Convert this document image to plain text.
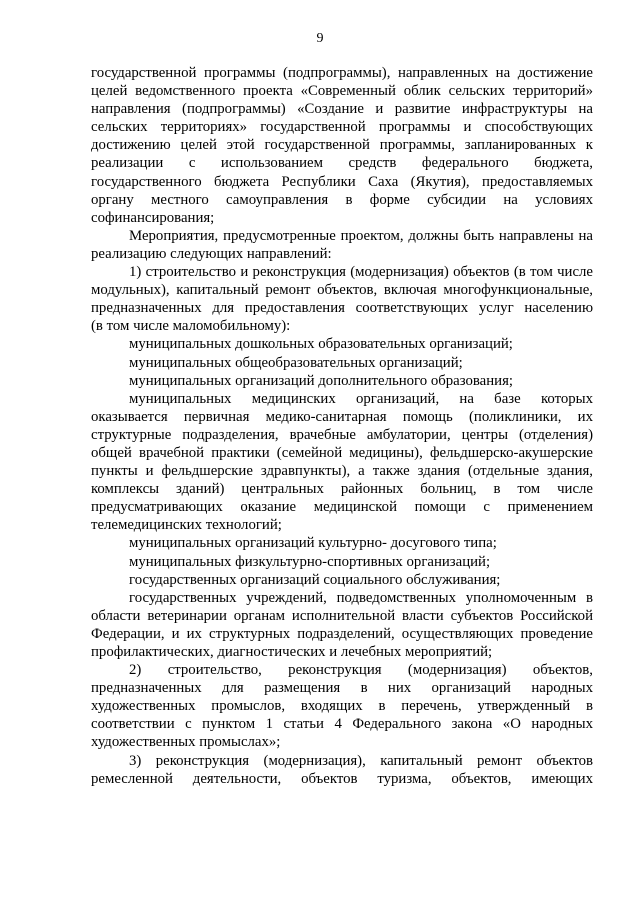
9

государственной программы (подпрограммы), направленных на достижение
целей ведомственного проекта «Современный облик сельских территорий»
направления (подпрограммы) «Создание и развитие инфраструктуры на
сельских территориях» государственной программы и способствующих
достижению целей этой государственной программы, запланированных к
реализации с использованием средств федерального бюджета,
государственного бюджета Республики Саха (Якутия), предоставляемых
органу местного самоуправления в форме субсидии на условиях
софинансирования;

Мероприятия, предусмотренные проектом, должны быть направлены на
реализацию следующих направлений:

1) строительство и реконструкция (модернизация) объектов (в том числе
модульных), капитальный ремонт объектов, включая многофункциональные,
предназначенных для предоставления соответствующих услуг населению
(в том числе маломобильному):

муниципальных дошкольных образовательных организаций;

муниципальных общеобразовательных организаций;

муниципальных организаций дополнительного образования;

муниципальных медицинских организаций, на базе которых
оказывается первичная медико-санитарная помощь (поликлиники, их
структурные подразделения, врачебные амбулатории, центры (отделения)
общей врачебной практики (семейной медицины), фельдшерско-акушерские
пункты и фельдшерские здравпункты), а также здания (отдельные здания,
комплексы зданий) центральных районных больниц, в том числе
предусматривающих оказание медицинской помощи с применением
телемедицинских технологий;

муниципальных организаций культурно- досугового типа;

муниципальных физкультурно-спортивных организаций;

государственных организаций социального обслуживания;

государственных учреждений, подведомственных уполномоченным в
области ветеринарии органам исполнительной власти субъектов Российской
Федерации, и их структурных подразделений, осуществляющих проведение
профилактических, диагностических и лечебных мероприятий;

2) строительство, реконструкция (модернизация) объектов,
предназначенных для размещения в них организаций народных
художественных промыслов, входящих в перечень, утвержденный в
соответствии с пунктом 1 статьи 4 Федерального закона «О народных
художественных промыслах»;

3) реконструкция (модернизация), капитальный ремонт объектов
ремесленной деятельности, объектов туризма, объектов, имеющих
